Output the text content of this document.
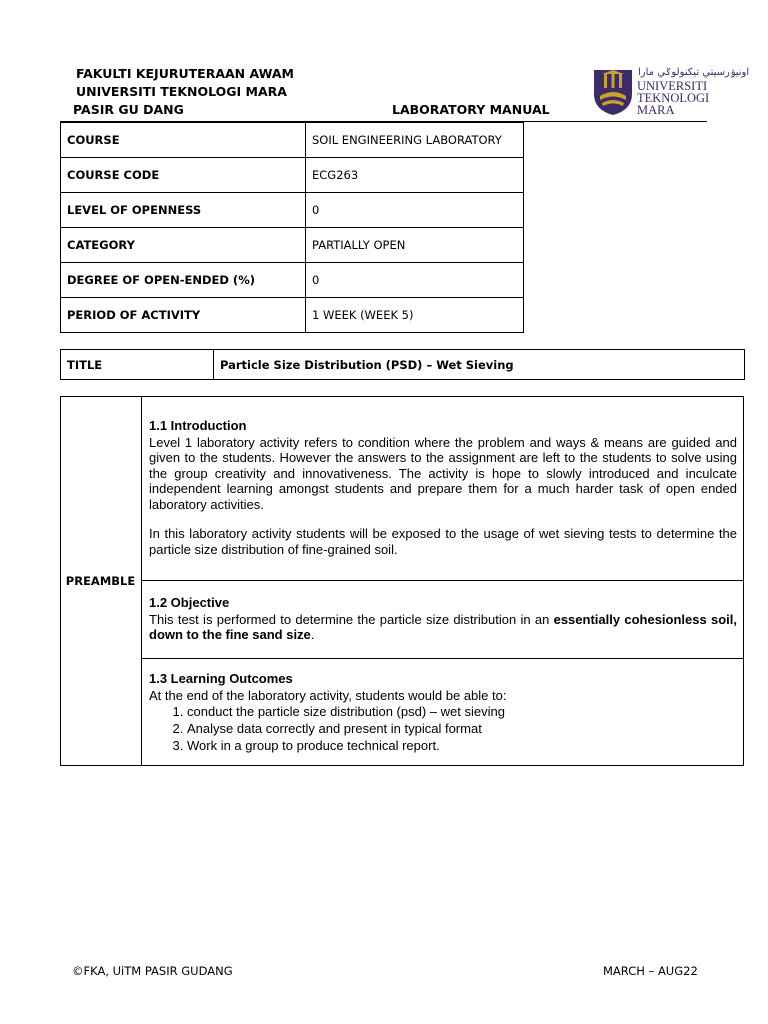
FAKULTI KEJURUTERAAN AWAM
UNIVERSITI TEKNOLOGI MARA
PASIR GU DANG	LABORATORY MANUAL
اونيۏرسيتي تيكنولوݢي مارا
UNIVERSITI
TEKNOLOGI
MARA
COURSE	SOIL ENGINEERING LABORATORY
COURSE CODE	ECG263
LEVEL OF OPENNESS	0
CATEGORY	PARTIALLY OPEN
DEGREE OF OPEN-ENDED (%)	0
PERIOD OF ACTIVITY	1 WEEK (WEEK 5)
TITLE	Particle Size Distribution (PSD) – Wet Sieving
PREAMBLE
1.1 Introduction

Level 1 laboratory activity refers to condition where the problem and ways & means are guided and given to the students. However the answers to the assignment are left to the students to solve using the group creativity and innovativeness. The activity is hope to slowly introduced and inculcate independent learning amongst students and prepare them for a much harder task of open ended laboratory activities.

In this laboratory activity students will be exposed to the usage of wet sieving tests to determine the particle size distribution of fine-grained soil.

1.2 Objective

This test is performed to determine the particle size distribution in an essentially cohesionless soil, down to the fine sand size.

1.3 Learning Outcomes
At the end of the laboratory activity, students would be able to:
1. conduct the particle size distribution (psd) – wet sieving
2. Analyse data correctly and present in typical format
3. Work in a group to produce technical report.
©FKA, UiTM PASIR GUDANG	MARCH – AUG22
